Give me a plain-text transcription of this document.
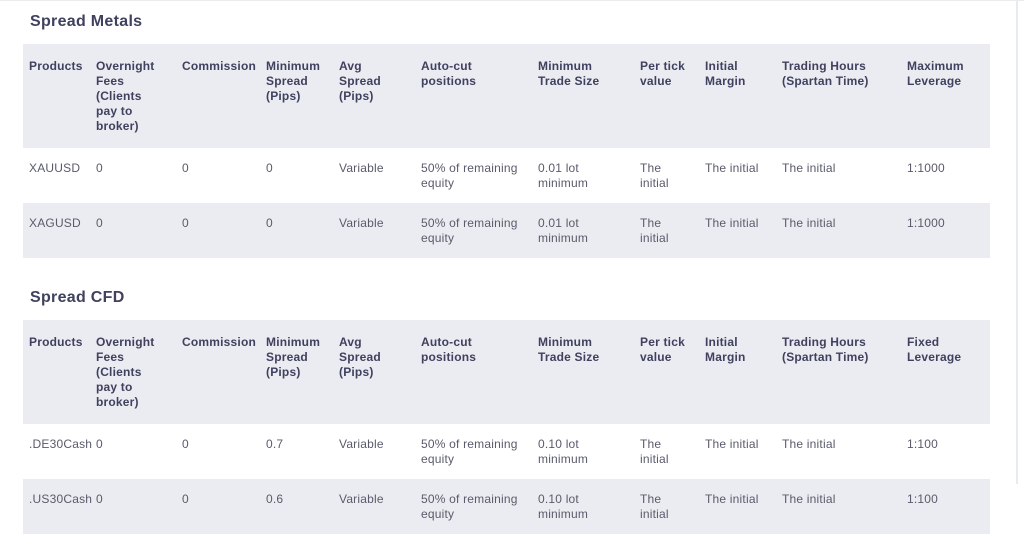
Spread Metals
Products	Overnight Fees (Clients pay to broker)	Commission	Minimum Spread (Pips)	Avg Spread (Pips)	Auto-cut positions	Minimum Trade Size	Per tick value	Initial Margin	Trading Hours (Spartan Time)	Maximum Leverage
XAUUSD	0	0	0	Variable	50% of remaining equity	0.01 lot minimum	The initial	The initial	The initial	1:1000
XAGUSD	0	0	0	Variable	50% of remaining equity	0.01 lot minimum	The initial	The initial	The initial	1:1000
Spread CFD
Products	Overnight Fees (Clients pay to broker)	Commission	Minimum Spread (Pips)	Avg Spread (Pips)	Auto-cut positions	Minimum Trade Size	Per tick value	Initial Margin	Trading Hours (Spartan Time)	Fixed Leverage
.DE30Cash	0	0	0.7	Variable	50% of remaining equity	0.10 lot minimum	The initial	The initial	The initial	1:100
.US30Cash	0	0	0.6	Variable	50% of remaining equity	0.10 lot minimum	The initial	The initial	The initial	1:100
